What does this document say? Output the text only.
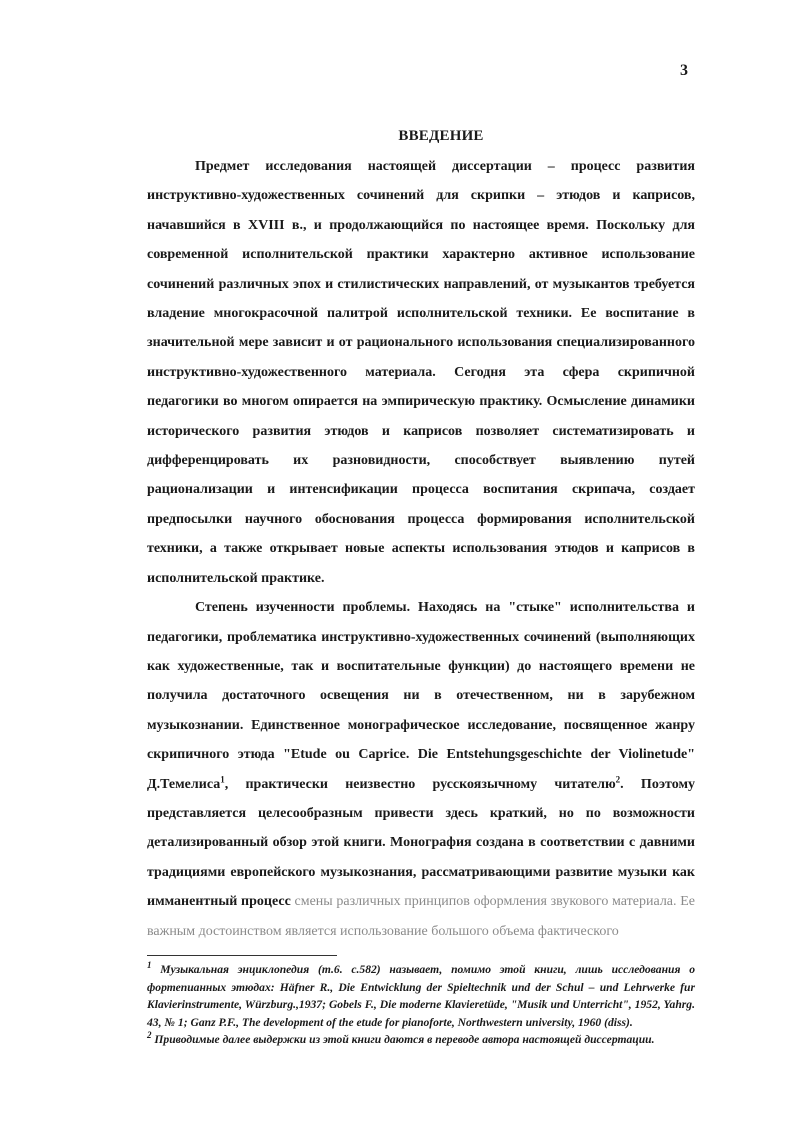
3
ВВЕДЕНИЕ

Предмет исследования настоящей диссертации – процесс развития инструктивно-художественных сочинений для скрипки – этюдов и каприсов, начавшийся в XVIII в., и продолжающийся по настоящее время. Поскольку для современной исполнительской практики характерно активное использование сочинений различных эпох и стилистических направлений, от музыкантов требуется владение многокрасочной палитрой исполнительской техники. Ее воспитание в значительной мере зависит и от рационального использования специализированного инструктивно-художественного материала. Сегодня эта сфера скрипичной педагогики во многом опирается на эмпирическую практику. Осмысление динамики исторического развития этюдов и каприсов позволяет систематизировать и дифференцировать их разновидности, способствует выявлению путей рационализации и интенсификации процесса воспитания скрипача, создает предпосылки научного обоснования процесса формирования исполнительской техники, а также открывает новые аспекты использования этюдов и каприсов в исполнительской практике.

Степень изученности проблемы. Находясь на "стыке" исполнительства и педагогики, проблематика инструктивно-художественных сочинений (выполняющих как художественные, так и воспитательные функции) до настоящего времени не получила достаточного освещения ни в отечественном, ни в зарубежном музыкознании. Единственное монографическое исследование, посвященное жанру скрипичного этюда "Etude ou Caprice. Die Entstehungsgeschichte der Violinetude" Д.Темелиса$^1$, практически неизвестно русскоязычному читателю$^2$. Поэтому представляется целесообразным привести здесь краткий, но по возможности детализированный обзор этой книги. Монография создана в соответствии с давними традициями европейского музыкознания, рассматривающими развитие музыки как имманентный процесс смены различных принципов оформления звукового материала. Ее важным достоинством является использование большого объема фактического

$^1$ Музыкальная энциклопедия (т.6. с.582) называет, помимо этой книги, лишь исследования о фортепианных этюдах: Häfner R., Die Entwicklung der Spieltechnik und der Schul – und Lehrwerke fur Klavierinstrumente, Würzburg.,1937; Gobels F., Die moderne Klavieretüde, "Musik und Unterricht", 1952, Yahrg. 43, № 1; Ganz P.F., The development of the etude for pianoforte, Northwestern university, 1960 (diss).

$^2$ Приводимые далее выдержки из этой книги даются в переводе автора настоящей диссертации.
